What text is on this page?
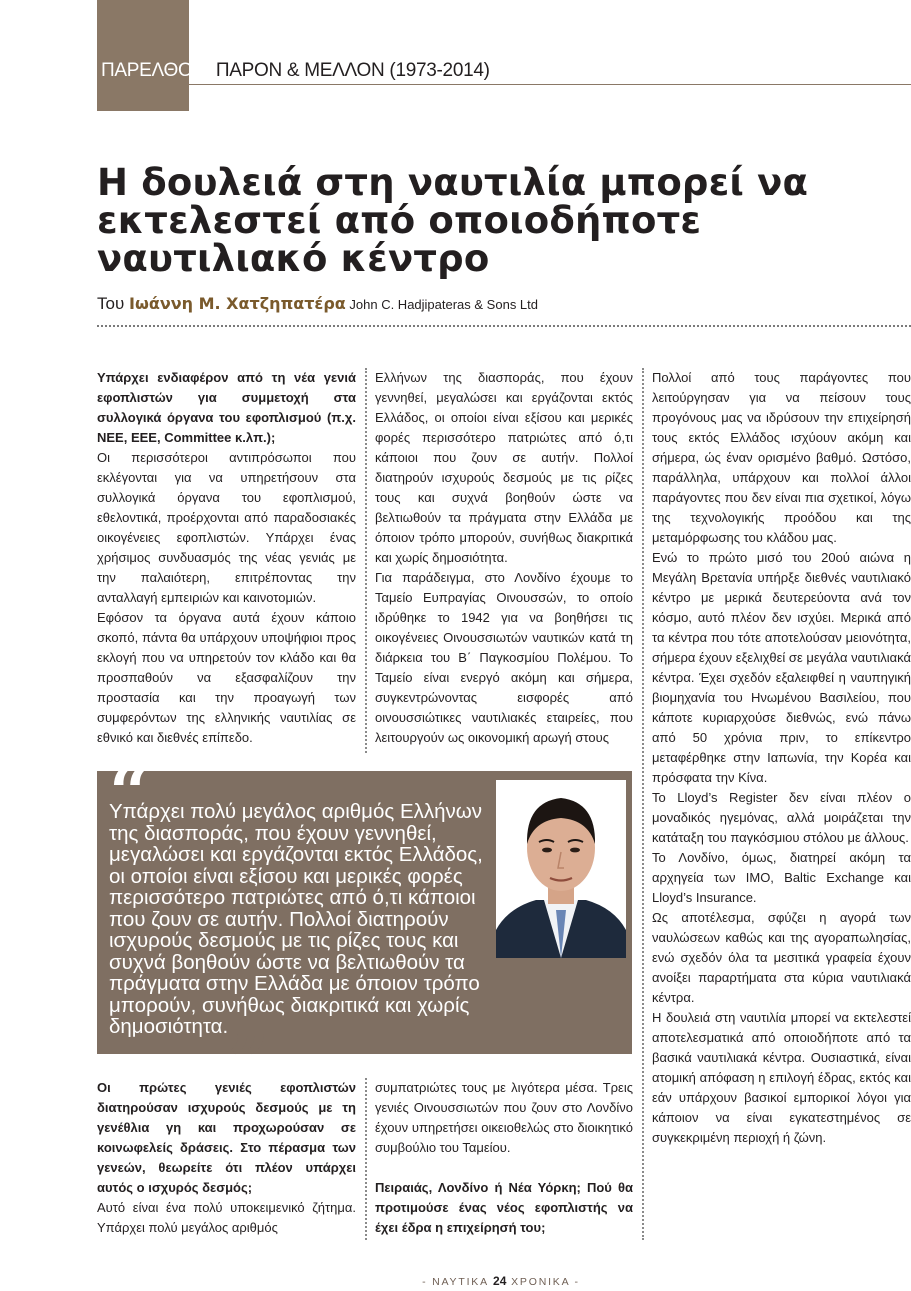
ΠΑΡΕΛΘΟΝ, ΠΑΡΟΝ & ΜΕΛΛΟΝ (1973-2014)
Η δουλειά στη ναυτιλία μπορεί να εκτελεστεί από οποιοδήποτε ναυτιλιακό κέντρο
Του Ιωάννη Μ. Χατζηπατέρα John C. Hadjipateras & Sons Ltd

Υπάρχει ενδιαφέρον από τη νέα γενιά εφοπλιστών για συμμετοχή στα συλλογικά όργανα του εφοπλισμού (π.χ. ΝΕΕ, ΕΕΕ, Committee κ.λπ.);

Οι περισσότεροι αντιπρόσωποι που εκλέγονται για να υπηρετήσουν στα συλλογικά όργανα του εφοπλισμού, εθελοντικά, προέρχονται από παραδοσιακές οικογένειες εφοπλιστών. Υπάρχει ένας χρήσιμος συνδυασμός της νέας γενιάς με την παλαιότερη, επιτρέποντας την ανταλλαγή εμπειριών και καινοτομιών.

Εφόσον τα όργανα αυτά έχουν κάποιο σκοπό, πάντα θα υπάρχουν υποψήφιοι προς εκλογή που να υπηρετούν τον κλάδο και θα προσπαθούν να εξασφαλίζουν την προστασία και την προαγωγή των συμφερόντων της ελληνικής ναυτιλίας σε εθνικό και διεθνές επίπεδο.

Ελλήνων της διασποράς, που έχουν γεννηθεί, μεγαλώσει και εργάζονται εκτός Ελλάδος, οι οποίοι είναι εξίσου και μερικές φορές περισσότερο πατριώτες από ό,τι κάποιοι που ζουν σε αυτήν. Πολλοί διατηρούν ισχυρούς δεσμούς με τις ρίζες τους και συχνά βοηθούν ώστε να βελτιωθούν τα πράγματα στην Ελλάδα με όποιον τρόπο μπορούν, συνήθως διακριτικά και χωρίς δημοσιότητα.

Για παράδειγμα, στο Λονδίνο έχουμε το Ταμείο Ευπραγίας Οινουσσών, το οποίο ιδρύθηκε το 1942 για να βοηθήσει τις οικογένειες Οινουσσιωτών ναυτικών κατά τη διάρκεια του Β΄ Παγκοσμίου Πολέμου. Το Ταμείο είναι ενεργό ακόμη και σήμερα, συγκεντρώνοντας εισφορές από οινουσσιώτικες ναυτιλιακές εταιρείες, που λειτουργούν ως οικονομική αρωγή στους

Πολλοί από τους παράγοντες που λειτούργησαν για να πείσουν τους προγόνους μας να ιδρύσουν την επιχείρησή τους εκτός Ελλάδος ισχύουν ακόμη και σήμερα, ώς έναν ορισμένο βαθμό. Ωστόσο, παράλληλα, υπάρχουν και πολλοί άλλοι παράγοντες που δεν είναι πια σχετικοί, λόγω της τεχνολογικής προόδου και της μεταμόρφωσης του κλάδου μας.

Ενώ το πρώτο μισό του 20ού αιώνα η Μεγάλη Βρετανία υπήρξε διεθνές ναυτιλιακό κέντρο με μερικά δευτερεύοντα ανά τον κόσμο, αυτό πλέον δεν ισχύει. Μερικά από τα κέντρα που τότε αποτελούσαν μειονότητα, σήμερα έχουν εξελιχθεί σε μεγάλα ναυτιλιακά κέντρα. Έχει σχεδόν εξαλειφθεί η ναυπηγική βιομηχανία του Ηνωμένου Βασιλείου, που κάποτε κυριαρχούσε διεθνώς, ενώ πάνω από 50 χρόνια πριν, το επίκεντρο μεταφέρθηκε στην Ιαπωνία, την Κορέα και πρόσφατα την Κίνα.

Το Lloyd’s Register δεν είναι πλέον ο μοναδικός ηγεμόνας, αλλά μοιράζεται την κατάταξη του παγκόσμιου στόλου με άλλους.

Το Λονδίνο, όμως, διατηρεί ακόμη τα αρχηγεία των ΙΜΟ, Baltic Exchange και Lloyd’s Insurance.

Ως αποτέλεσμα, σφύζει η αγορά των ναυλώσεων καθώς και της αγοραπωλησίας, ενώ σχεδόν όλα τα μεσιτικά γραφεία έχουν ανοίξει παραρτήματα στα κύρια ναυτιλιακά κέντρα.

Η δουλειά στη ναυτιλία μπορεί να εκτελεστεί αποτελεσματικά από οποιοδήποτε από τα βασικά ναυτιλιακά κέντρα. Ουσιαστικά, είναι ατομική απόφαση η επιλογή έδρας, εκτός και εάν υπάρχουν βασικοί εμπορικοί λόγοι για κάποιον να είναι εγκατεστημένος σε συγκεκριμένη περιοχή ή ζώνη.

“

Υπάρχει πολύ μεγάλος αριθμός Ελλήνων της διασποράς, που έχουν γεννηθεί, μεγαλώσει και εργάζονται εκτός Ελλάδος, οι οποίοι είναι εξίσου και μερικές φορές περισσότερο πατριώτες από ό,τι κάποιοι που ζουν σε αυτήν. Πολλοί διατηρούν ισχυρούς δεσμούς με τις ρίζες τους και συχνά βοηθούν ώστε να βελτιωθούν τα πράγματα στην Ελλάδα με όποιον τρόπο μπορούν, συνήθως διακριτικά και χωρίς δημοσιότητα. ”

Οι πρώτες γενιές εφοπλιστών διατηρούσαν ισχυρούς δεσμούς με τη γενέθλια γη και προχωρούσαν σε κοινωφελείς δράσεις. Στο πέρασμα των γενεών, θεωρείτε ότι πλέον υπάρχει αυτός ο ισχυρός δεσμός;

Αυτό είναι ένα πολύ υποκειμενικό ζήτημα. Υπάρχει πολύ μεγάλος αριθμός

συμπατριώτες τους με λιγότερα μέσα. Τρεις γενιές Οινουσσιωτών που ζουν στο Λονδίνο έχουν υπηρετήσει οικειοθελώς στο διοικητικό συμβούλιο του Ταμείου.

Πειραιάς, Λονδίνο ή Νέα Υόρκη; Πού θα προτιμούσε ένας νέος εφοπλιστής να έχει έδρα η επιχείρησή του;

- ΝΑΥΤΙΚΑ 24 ΧΡΟΝΙΚΑ -
